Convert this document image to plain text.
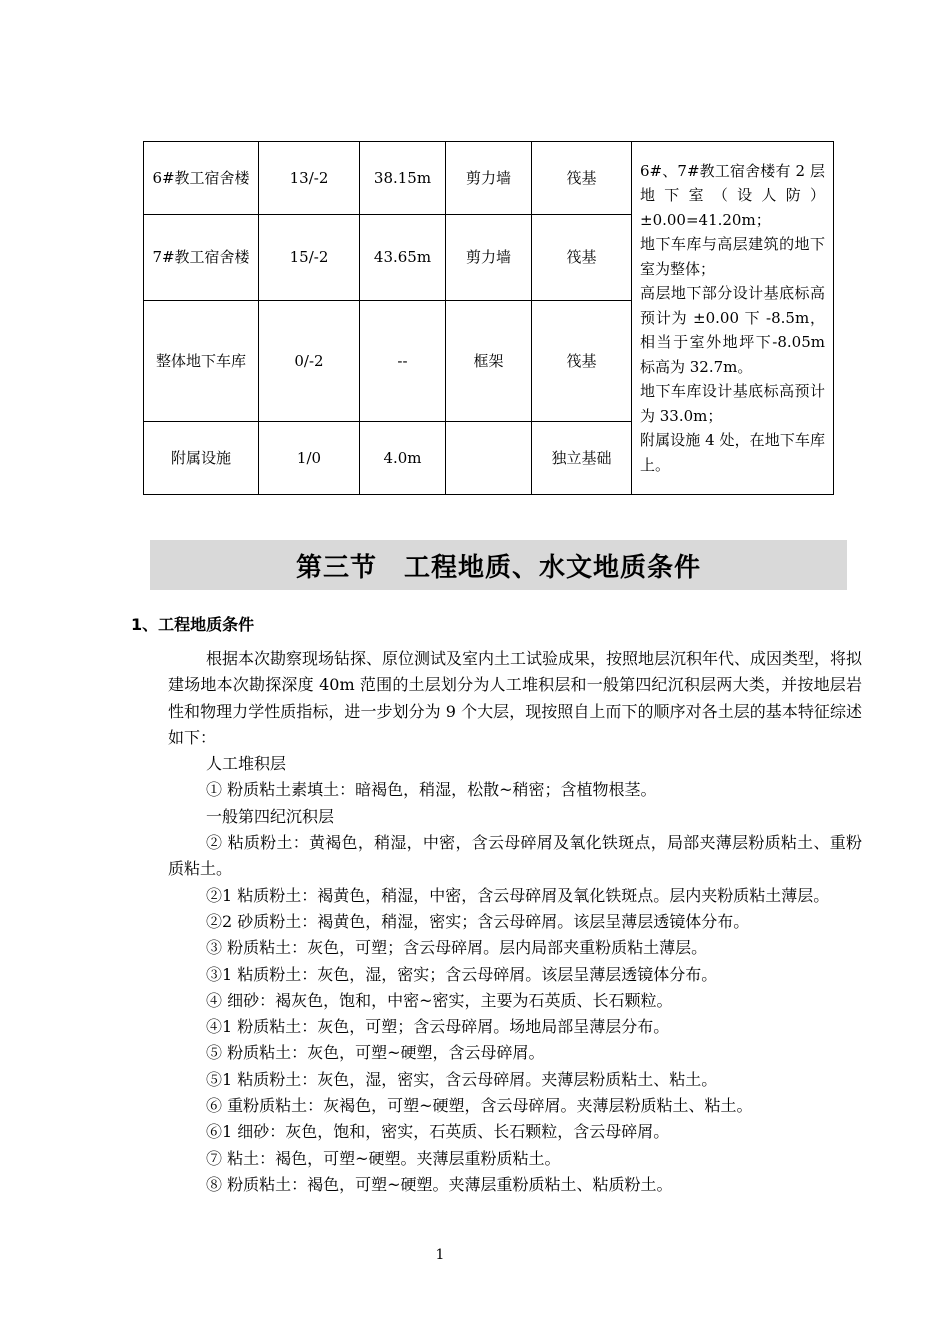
6#教工宿舍楼	13/-2	38.15m	剪力墙	筏基	6#、7#教工宿舍楼有 2 层地下室（设人防）±0.00=41.20m；

地下车库与高层建筑的地下室为整体；

高层地下部分设计基底标高预计为 ±0.00 下 -8.5m，相当于室外地坪下-8.05m 标高为 32.7m。

地下车库设计基底标高预计为 33.0m；

附属设施 4 处，在地下车库上。

7#教工宿舍楼	15/-2	43.65m	剪力墙	筏基	
整体地下车库	0/-2	--	框架	筏基	
附属设施	1/0	4.0m		独立基础	
第三节　工程地质、水文地质条件
1、工程地质条件

根据本次勘察现场钻探、原位测试及室内土工试验成果，按照地层沉积年代、成因类型，将拟建场地本次勘探深度 40m 范围的土层划分为人工堆积层和一般第四纪沉积层两大类，并按地层岩性和物理力学性质指标，进一步划分为 9 个大层，现按照自上而下的顺序对各土层的基本特征综述如下：

人工堆积层

① 粉质粘土素填土：暗褐色，稍湿，松散~稍密；含植物根茎。

一般第四纪沉积层

② 粘质粉土：黄褐色，稍湿，中密，含云母碎屑及氧化铁斑点，局部夹薄层粉质粘土、重粉质粘土。

②1 粘质粉土：褐黄色，稍湿，中密，含云母碎屑及氧化铁斑点。层内夹粉质粘土薄层。

②2 砂质粉土：褐黄色，稍湿，密实；含云母碎屑。该层呈薄层透镜体分布。

③ 粉质粘土：灰色，可塑；含云母碎屑。层内局部夹重粉质粘土薄层。

③1 粘质粉土：灰色，湿，密实；含云母碎屑。该层呈薄层透镜体分布。

④ 细砂：褐灰色，饱和，中密~密实，主要为石英质、长石颗粒。

④1 粉质粘土：灰色，可塑；含云母碎屑。场地局部呈薄层分布。

⑤ 粉质粘土：灰色，可塑~硬塑，含云母碎屑。

⑤1 粘质粉土：灰色，湿，密实，含云母碎屑。夹薄层粉质粘土、粘土。

⑥ 重粉质粘土：灰褐色，可塑~硬塑，含云母碎屑。夹薄层粉质粘土、粘土。

⑥1 细砂：灰色，饱和，密实，石英质、长石颗粒，含云母碎屑。

⑦ 粘土：褐色，可塑~硬塑。夹薄层重粉质粘土。

⑧ 粉质粘土：褐色，可塑~硬塑。夹薄层重粉质粘土、粘质粉土。

1
